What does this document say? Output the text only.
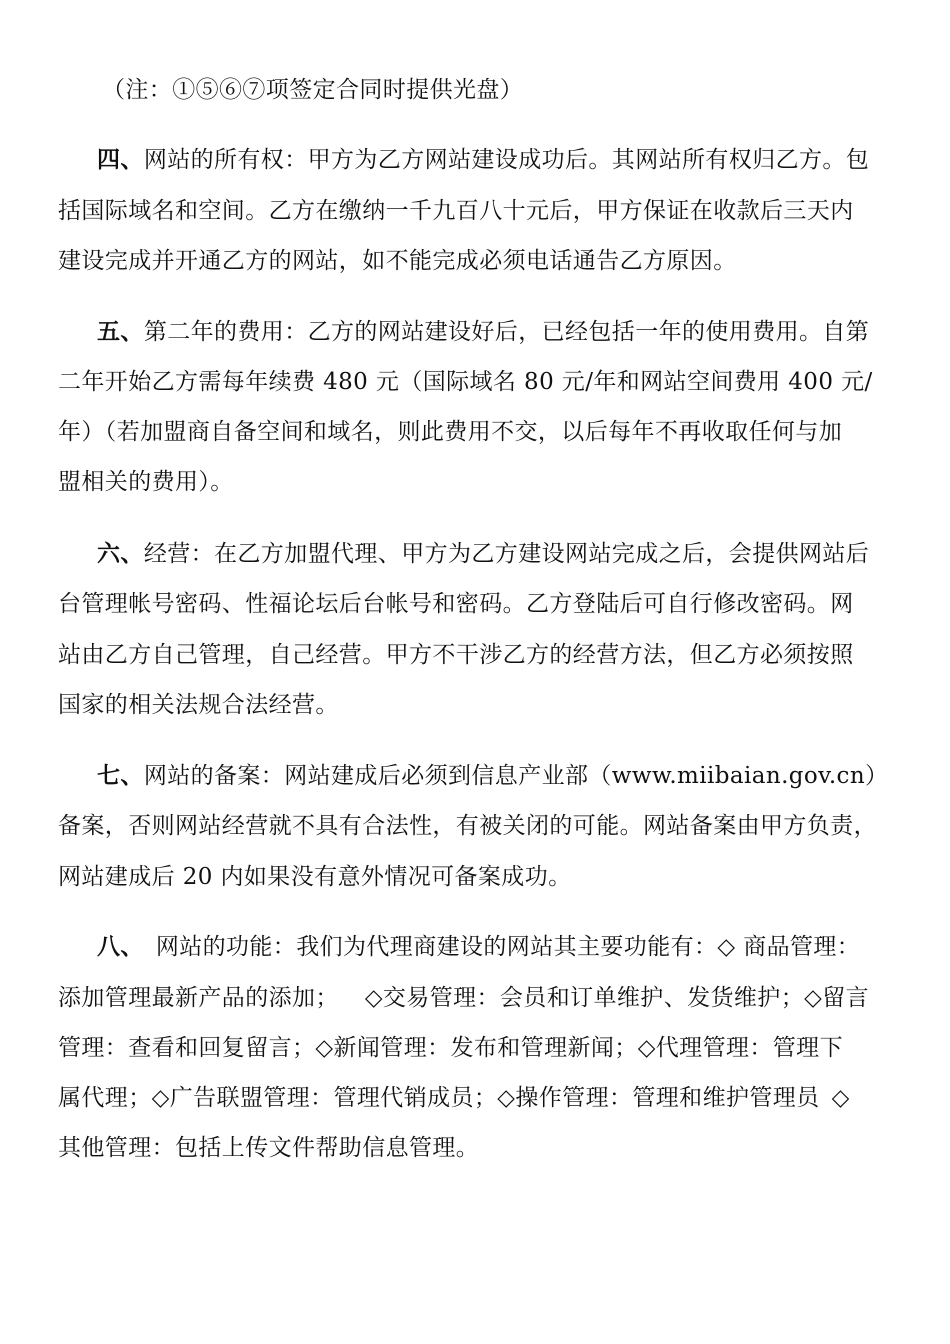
（注：①⑤⑥⑦项签定合同时提供光盘）
四、网站的所有权：甲方为乙方网站建设成功后。其网站所有权归乙方。包
括国际域名和空间。乙方在缴纳一千九百八十元后，甲方保证在收款后三天内
建设完成并开通乙方的网站，如不能完成必须电话通告乙方原因。
五、第二年的费用：乙方的网站建设好后，已经包括一年的使用费用。自第
二年开始乙方需每年续费 480 元（国际域名 80 元/年和网站空间费用 400 元/
年）（若加盟商自备空间和域名，则此费用不交，以后每年不再收取任何与加
盟相关的费用）。
六、经营：在乙方加盟代理、甲方为乙方建设网站完成之后，会提供网站后
台管理帐号密码、性福论坛后台帐号和密码。乙方登陆后可自行修改密码。网
站由乙方自己管理，自己经营。甲方不干涉乙方的经营方法，但乙方必须按照
国家的相关法规合法经营。
七、网站的备案：网站建成后必须到信息产业部（www.miibaian.gov.cn）
备案，否则网站经营就不具有合法性，有被关闭的可能。网站备案由甲方负责，
网站建成后 20 内如果没有意外情况可备案成功。
八、 网站的功能：我们为代理商建设的网站其主要功能有：◇ 商品管理：
添加管理最新产品的添加； ◇交易管理：会员和订单维护、发货维护；◇留言
管理：查看和回复留言；◇新闻管理：发布和管理新闻；◇代理管理：管理下
属代理；◇广告联盟管理：管理代销成员；◇操作管理：管理和维护管理员 ◇
其他管理：包括上传文件帮助信息管理。
